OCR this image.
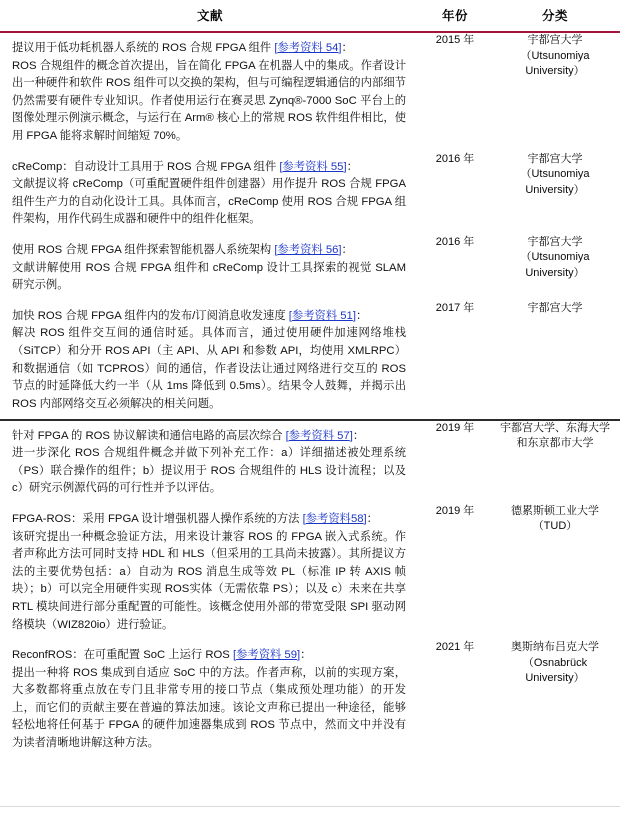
文献	年份	分类

提议用于低功耗机器人系统的 ROS 合规 FPGA 组件 [参考资料 54]：
ROS 合规组件的概念首次提出，旨在简化 FPGA 在机器人中的集成。作者设计出一种硬件和软件 ROS 组件可以交换的架构，但与可编程逻辑通信的内部细节仍然需要有硬件专业知识。作者使用运行在赛灵思 Zynq®-7000 SoC 平台上的图像处理示例演示概念，与运行在 Arm® 核心上的常规 ROS 软件组件相比，使用 FPGA 能将求解时间缩短 70%。

	2015 年	宇都宫大学
（Utsunomiya University）

cReComp：自动设计工具用于 ROS 合规 FPGA 组件 [参考资料 55]：
文献提议将 cReComp（可重配置硬件组件创建器）用作提升 ROS 合规 FPGA 组件生产力的自动化设计工具。具体而言，cReComp 使用 ROS 合规 FPGA 组件架构，用作代码生成器和硬件中的组件化框架。

	2016 年	宇都宫大学
（Utsunomiya University）

使用 ROS 合规 FPGA 组件探索智能机器人系统架构 [参考资料 56]：
文献讲解使用 ROS 合规 FPGA 组件和 cReComp 设计工具探索的视觉 SLAM 研究示例。

	2016 年	宇都宫大学
（Utsunomiya University）

加快 ROS 合规 FPGA 组件内的发布/订阅消息收发速度 [参考资料 51]：
解决 ROS 组件交互间的通信时延。具体而言，通过使用硬件加速网络堆栈（SiTCP）和分开 ROS API（主 API、从 API 和参数 API，均使用 XMLRPC）和数据通信（如 TCPROS）间的通信，作者设法让通过网络进行交互的 ROS 节点的时延降低大约一半（从 1ms 降低到 0.5ms）。结果令人鼓舞，并揭示出 ROS 内部网络交互必须解决的相关问题。	2017 年	宇都宫大学

针对 FPGA 的 ROS 协议解读和通信电路的高层次综合 [参考资料 57]：
进一步深化 ROS 合规组件概念并做下列补充工作：a）详细描述被处理系统（PS）联合操作的组件；b）提议用于 ROS 合规组件的 HLS 设计流程；以及 c）研究示例源代码的可行性并予以评估。	2019 年	宇都宫大学、东海大学和东京都市大学

FPGA-ROS：采用 FPGA 设计增强机器人操作系统的方法 [参考资料58]：
该研究提出一种概念验证方法，用来设计兼容 ROS 的 FPGA 嵌入式系统。作者声称此方法可同时支持 HDL 和 HLS（但采用的工具尚未披露）。其所提议方法的主要优势包括：a）自动为 ROS 消息生成等效 PL（标准 IP 转 AXIS 帧块）；b）可以完全用硬件实现 ROS实体（无需依靠 PS）；以及 c）未来在共享 RTL 模块间进行部分重配置的可能性。该概念使用外部的带宽受限 SPI 驱动网络模块（WIZ820io）进行验证。	2019 年	德累斯顿工业大学（TUD）

ReconfROS：在可重配置 SoC 上运行 ROS [参考资料 59]：
提出一种将 ROS 集成到自适应 SoC 中的方法。作者声称，以前的实现方案，大多数都将重点放在专门且非常专用的接口节点（集成预处理功能）的开发上，而它们的贡献主要在普遍的算法加速。该论文声称已提出一种途径，能够轻松地将任何基于 FPGA 的硬件加速器集成到 ROS 节点中，然而文中并没有为读者清晰地讲解这种方法。

	2021 年	奥斯纳布吕克大学
（Osnabrück University）
